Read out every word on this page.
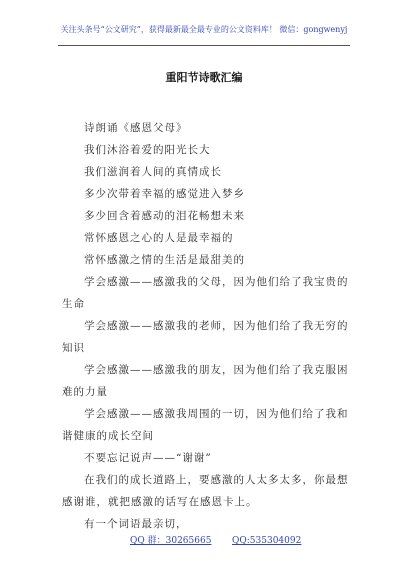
关注头条号“公文研究”，获得最新最全最专业的公文资料库！ 微信：gongwenyj
重阳节诗歌汇编
诗朗诵《感恩父母》
我们沐浴着爱的阳光长大
我们滋润着人间的真情成长
多少次带着幸福的感觉进入梦乡
多少回含着感动的泪花畅想未来
常怀感恩之心的人是最幸福的
常怀感激之情的生活是最甜美的
学会感激——感激我的父母，因为他们给了我宝贵的
生命
学会感激——感激我的老师，因为他们给了我无穷的
知识
学会感激——感激我的朋友，因为他们给了我克服困
难的力量
学会感激——感激我周围的一切，因为他们给了我和
谐健康的成长空间
不要忘记说声——“谢谢”
在我们的成长道路上，要感激的人太多太多，你最想
感谢谁，就把感激的话写在感恩卡上。
有一个词语最亲切，
QQ 群：30265665 QQ:535304092
